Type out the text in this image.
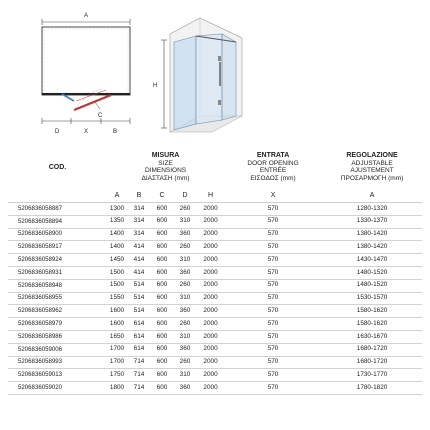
A
C
D	X	B
H
COD.	MISURA
SIZE
DIMENSIONS
ΔΙΑΣΤΑΣΗ (mm)					ENTRATA
DOOR OPENING
ENTRÉE
ΕΙΣΟΔΟΣ (mm)	REGOLAZIONE
ADJUSTABLE
AJUSTEMENT
ΠΡΟΣΑΡΜΟΓΗ (mm)

	A	B	C	D	H	X	A
5206836058887	1300	314	600	260	2000	570	1280-1320
5206836058894	1350	314	600	310	2000	570	1330-1370
5206836058900	1400	314	600	360	2000	570	1380-1420
5206836058917	1400	414	600	260	2000	570	1380-1420
5206836058924	1450	414	600	310	2000	570	1430-1470
5206836058931	1500	414	600	360	2000	570	1480-1520
5206836058948	1500	514	600	260	2000	570	1480-1520
5206836058955	1550	514	600	310	2000	570	1530-1570
5206836058962	1600	514	600	360	2000	570	1580-1620
5206836058979	1600	614	600	260	2000	570	1580-1620
5206836058986	1650	614	600	310	2000	570	1630-1670
5206836059006	1700	614	600	360	2000	570	1680-1720
5206836058993	1700	714	600	260	2000	570	1680-1720
5206836059013	1750	714	600	310	2000	570	1730-1770
5206836059020	1800	714	600	360	2000	570	1780-1820
